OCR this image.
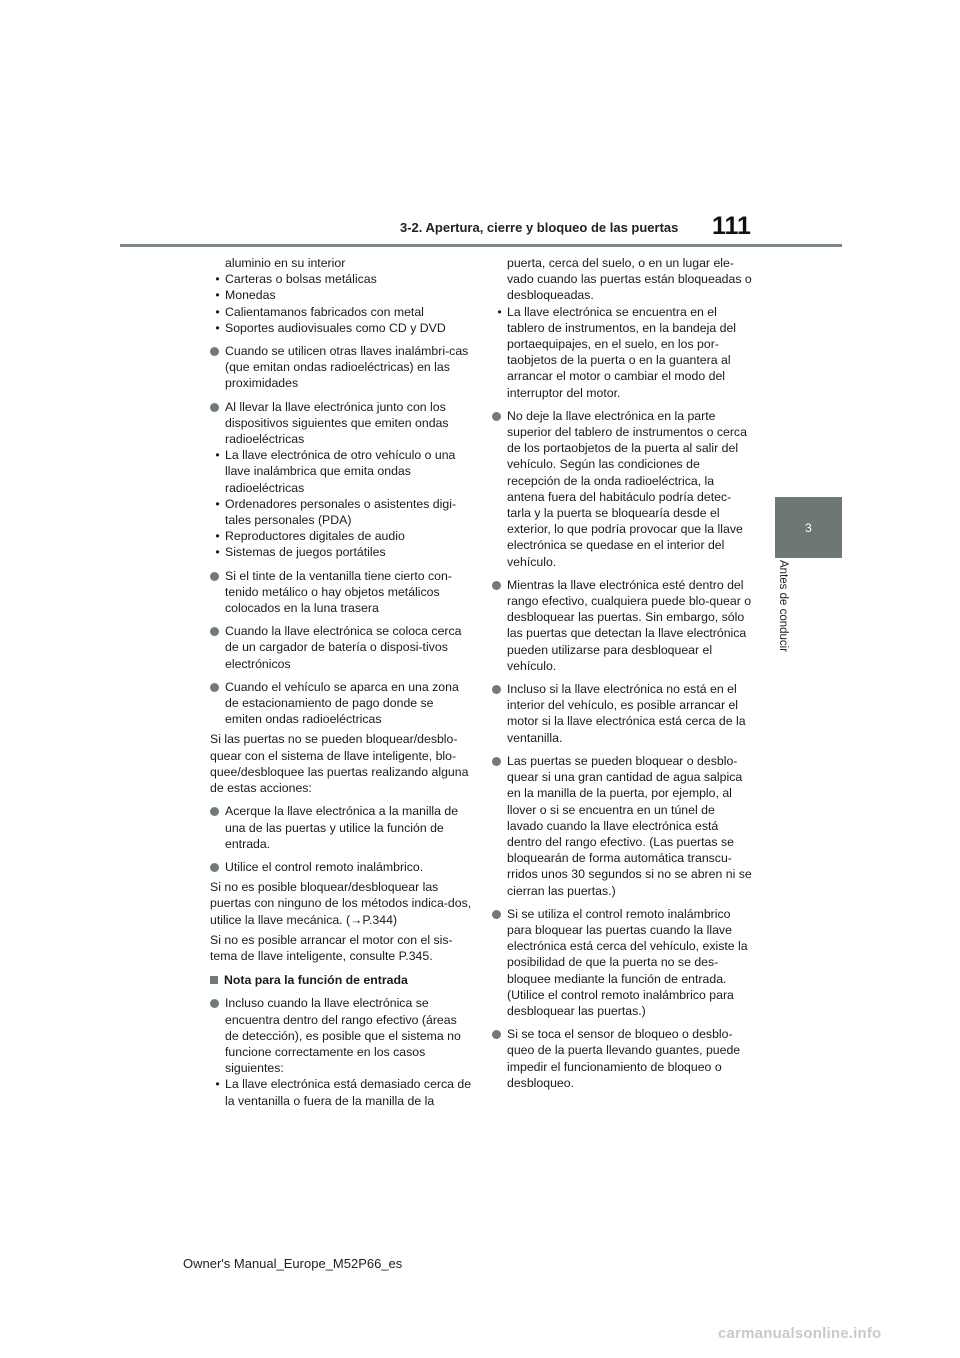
3-2. Apertura, cierre y bloqueo de las puertas	111
3
Antes de conducir

aluminio en su interior

• Carteras o bolsas metálicas
• Monedas
• Calientamanos fabricados con metal
• Soportes audiovisuales como CD y DVD
Cuando se utilicen otras llaves inalámbri-cas (que emitan ondas radioeléctricas) en las proximidades
Al llevar la llave electrónica junto con los dispositivos siguientes que emiten ondas radioeléctricas
• La llave electrónica de otro vehículo o una llave inalámbrica que emita ondas radioeléctricas
• Ordenadores personales o asistentes digi-tales personales (PDA)
• Reproductores digitales de audio
• Sistemas de juegos portátiles
Si el tinte de la ventanilla tiene cierto con-tenido metálico o hay objetos metálicos colocados en la luna trasera
Cuando la llave electrónica se coloca cerca de un cargador de batería o disposi-tivos electrónicos
Cuando el vehículo se aparca en una zona de estacionamiento de pago donde se emiten ondas radioeléctricas

Si las puertas no se pueden bloquear/desblo-quear con el sistema de llave inteligente, blo-quee/desbloquee las puertas realizando alguna de estas acciones:

Acerque la llave electrónica a la manilla de una de las puertas y utilice la función de entrada.
Utilice el control remoto inalámbrico.

Si no es posible bloquear/desbloquear las puertas con ninguno de los métodos indica-dos, utilice la llave mecánica. (→P.344)

Si no es posible arrancar el motor con el sis-tema de llave inteligente, consulte P.345.

Nota para la función de entrada
Incluso cuando la llave electrónica se encuentra dentro del rango efectivo (áreas de detección), es posible que el sistema no funcione correctamente en los casos siguientes:
• La llave electrónica está demasiado cerca de la ventanilla o fuera de la manilla de la

puerta, cerca del suelo, o en un lugar ele-vado cuando las puertas están bloqueadas o desbloqueadas.

• La llave electrónica se encuentra en el tablero de instrumentos, en la bandeja del portaequipajes, en el suelo, en los por-taobjetos de la puerta o en la guantera al arrancar el motor o cambiar el modo del interruptor del motor.
No deje la llave electrónica en la parte superior del tablero de instrumentos o cerca de los portaobjetos de la puerta al salir del vehículo. Según las condiciones de recepción de la onda radioeléctrica, la antena fuera del habitáculo podría detec-tarla y la puerta se bloquearía desde el exterior, lo que podría provocar que la llave electrónica se quedase en el interior del vehículo.
Mientras la llave electrónica esté dentro del rango efectivo, cualquiera puede blo-quear o desbloquear las puertas. Sin embargo, sólo las puertas que detectan la llave electrónica pueden utilizarse para desbloquear el vehículo.
Incluso si la llave electrónica no está en el interior del vehículo, es posible arrancar el motor si la llave electrónica está cerca de la ventanilla.
Las puertas se pueden bloquear o desblo-quear si una gran cantidad de agua salpica en la manilla de la puerta, por ejemplo, al llover o si se encuentra en un túnel de lavado cuando la llave electrónica está dentro del rango efectivo. (Las puertas se bloquearán de forma automática transcu-rridos unos 30 segundos si no se abren ni se cierran las puertas.)
Si se utiliza el control remoto inalámbrico para bloquear las puertas cuando la llave electrónica está cerca del vehículo, existe la posibilidad de que la puerta no se des-bloquee mediante la función de entrada. (Utilice el control remoto inalámbrico para desbloquear las puertas.)
Si se toca el sensor de bloqueo o desblo-queo de la puerta llevando guantes, puede impedir el funcionamiento de bloqueo o desbloqueo.
Owner's Manual_Europe_M52P66_es
carmanualsonline.info
